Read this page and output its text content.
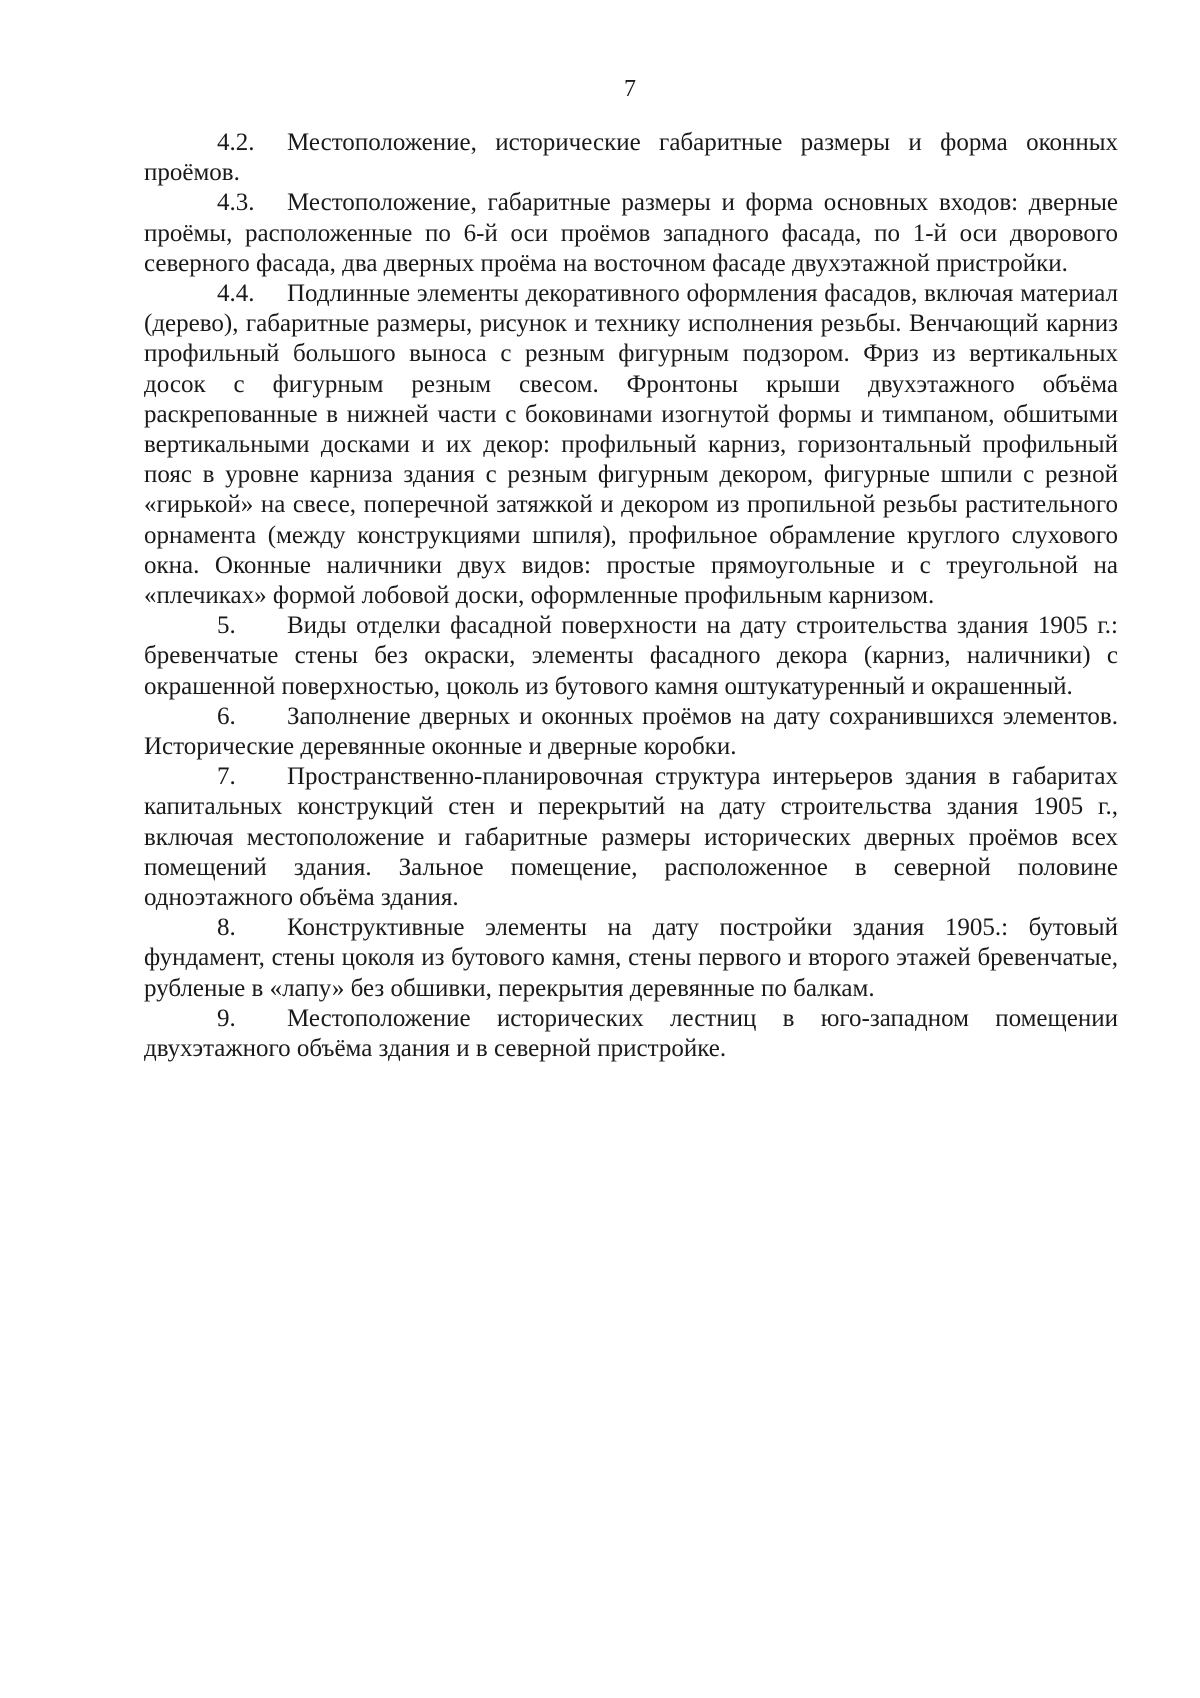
7

4.2. Местоположение, исторические габаритные размеры и форма оконных проёмов.

4.3. Местоположение, габаритные размеры и форма основных входов: дверные проёмы, расположенные по 6-й оси проёмов западного фасада, по 1-й оси дворового северного фасада, два дверных проёма на восточном фасаде двухэтажной пристройки.

4.4. Подлинные элементы декоративного оформления фасадов, включая материал (дерево), габаритные размеры, рисунок и технику исполнения резьбы. Венчающий карниз профильный большого выноса с резным фигурным подзором. Фриз из вертикальных досок с фигурным резным свесом. Фронтоны крыши двухэтажного объёма раскрепованные в нижней части с боковинами изогнутой формы и тимпаном, обшитыми вертикальными досками и их декор: профильный карниз, горизонтальный профильный пояс в уровне карниза здания с резным фигурным декором, фигурные шпили с резной «гирькой» на свесе, поперечной затяжкой и декором из пропильной резьбы растительного орнамента (между конструкциями шпиля), профильное обрамление круглого слухового окна. Оконные наличники двух видов: простые прямоугольные и с треугольной на «плечиках» формой лобовой доски, оформленные профильным карнизом.

5. Виды отделки фасадной поверхности на дату строительства здания 1905 г.: бревенчатые стены без окраски, элементы фасадного декора (карниз, наличники) с окрашенной поверхностью, цоколь из бутового камня оштукатуренный и окрашенный.

6. Заполнение дверных и оконных проёмов на дату сохранившихся элементов. Исторические деревянные оконные и дверные коробки.

7. Пространственно-планировочная структура интерьеров здания в габаритах капитальных конструкций стен и перекрытий на дату строительства здания 1905 г., включая местоположение и габаритные размеры исторических дверных проёмов всех помещений здания. Зальное помещение, расположенное в северной половине одноэтажного объёма здания.

8. Конструктивные элементы на дату постройки здания 1905.: бутовый фундамент, стены цоколя из бутового камня, стены первого и второго этажей бревенчатые, рубленые в «лапу» без обшивки, перекрытия деревянные по балкам.

9. Местоположение исторических лестниц в юго-западном помещении двухэтажного объёма здания и в северной пристройке.
